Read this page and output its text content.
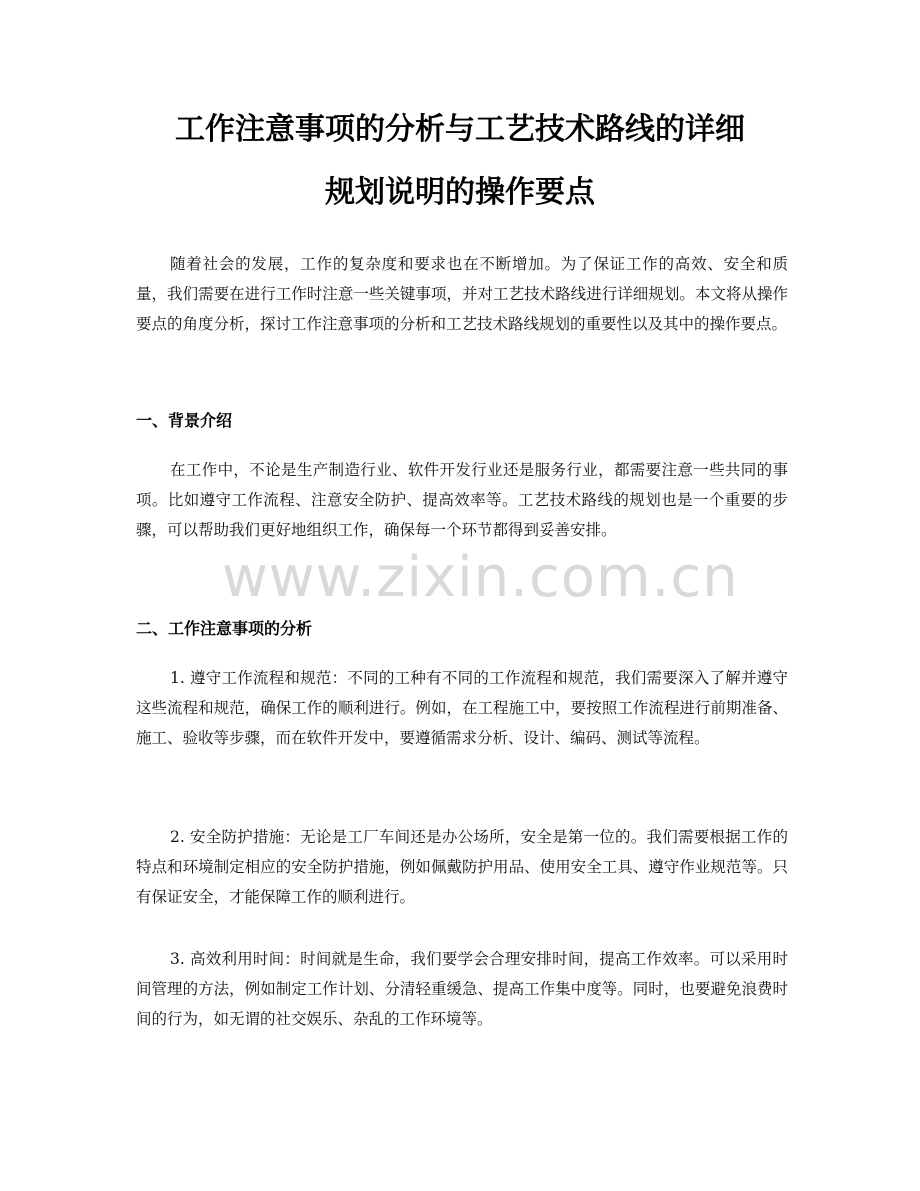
工作注意事项的分析与工艺技术路线的详细
规划说明的操作要点

随着社会的发展，工作的复杂度和要求也在不断增加。为了保证工作的高效、安全和质量，我们需要在进行工作时注意一些关键事项，并对工艺技术路线进行详细规划。本文将从操作要点的角度分析，探讨工作注意事项的分析和工艺技术路线规划的重要性以及其中的操作要点。

一、背景介绍

在工作中，不论是生产制造行业、软件开发行业还是服务行业，都需要注意一些共同的事项。比如遵守工作流程、注意安全防护、提高效率等。工艺技术路线的规划也是一个重要的步骤，可以帮助我们更好地组织工作，确保每一个环节都得到妥善安排。

二、工作注意事项的分析

1. 遵守工作流程和规范：不同的工种有不同的工作流程和规范，我们需要深入了解并遵守这些流程和规范，确保工作的顺利进行。例如，在工程施工中，要按照工作流程进行前期准备、施工、验收等步骤，而在软件开发中，要遵循需求分析、设计、编码、测试等流程。

2. 安全防护措施：无论是工厂车间还是办公场所，安全是第一位的。我们需要根据工作的特点和环境制定相应的安全防护措施，例如佩戴防护用品、使用安全工具、遵守作业规范等。只有保证安全，才能保障工作的顺利进行。

3. 高效利用时间：时间就是生命，我们要学会合理安排时间，提高工作效率。可以采用时间管理的方法，例如制定工作计划、分清轻重缓急、提高工作集中度等。同时，也要避免浪费时间的行为，如无谓的社交娱乐、杂乱的工作环境等。

www.zixin.com.cn
